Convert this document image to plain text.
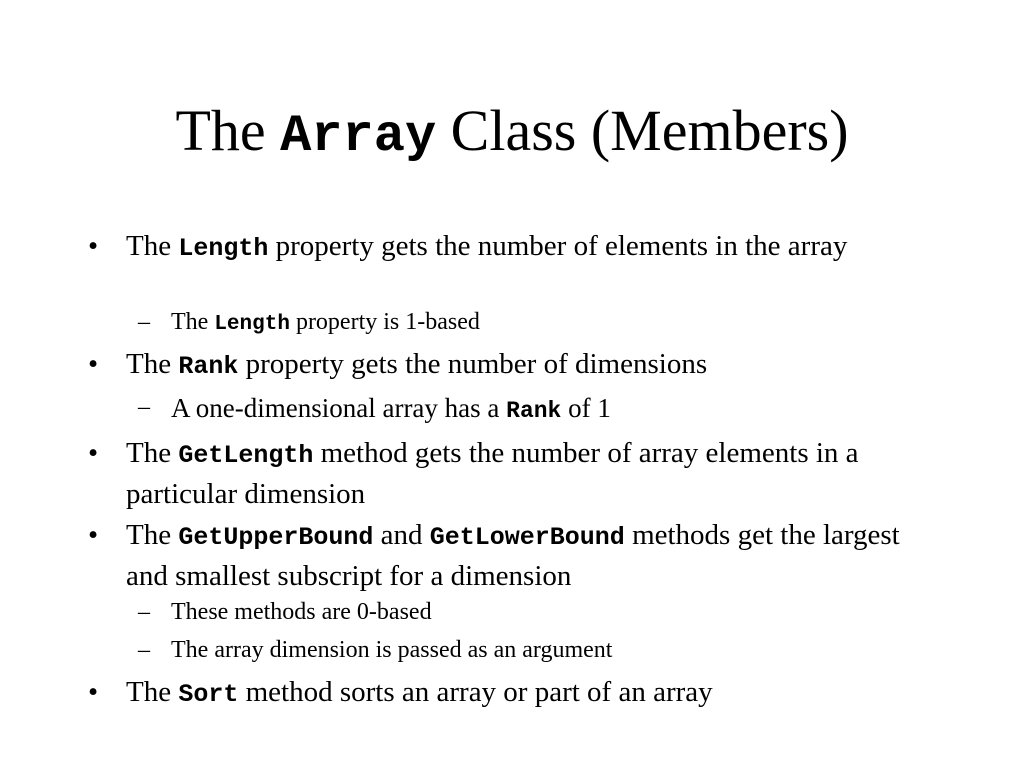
The Array Class (Members)
• The Length property gets the number of elements in the array
– The Length property is 1-based
• The Rank property gets the number of dimensions
– A one-dimensional array has a Rank of 1
• The GetLength method gets the number of array elements in a particular dimension
• The GetUpperBound and GetLowerBound methods get the largest and smallest subscript for a dimension
– These methods are 0-based
– The array dimension is passed as an argument
• The Sort method sorts an array or part of an array
